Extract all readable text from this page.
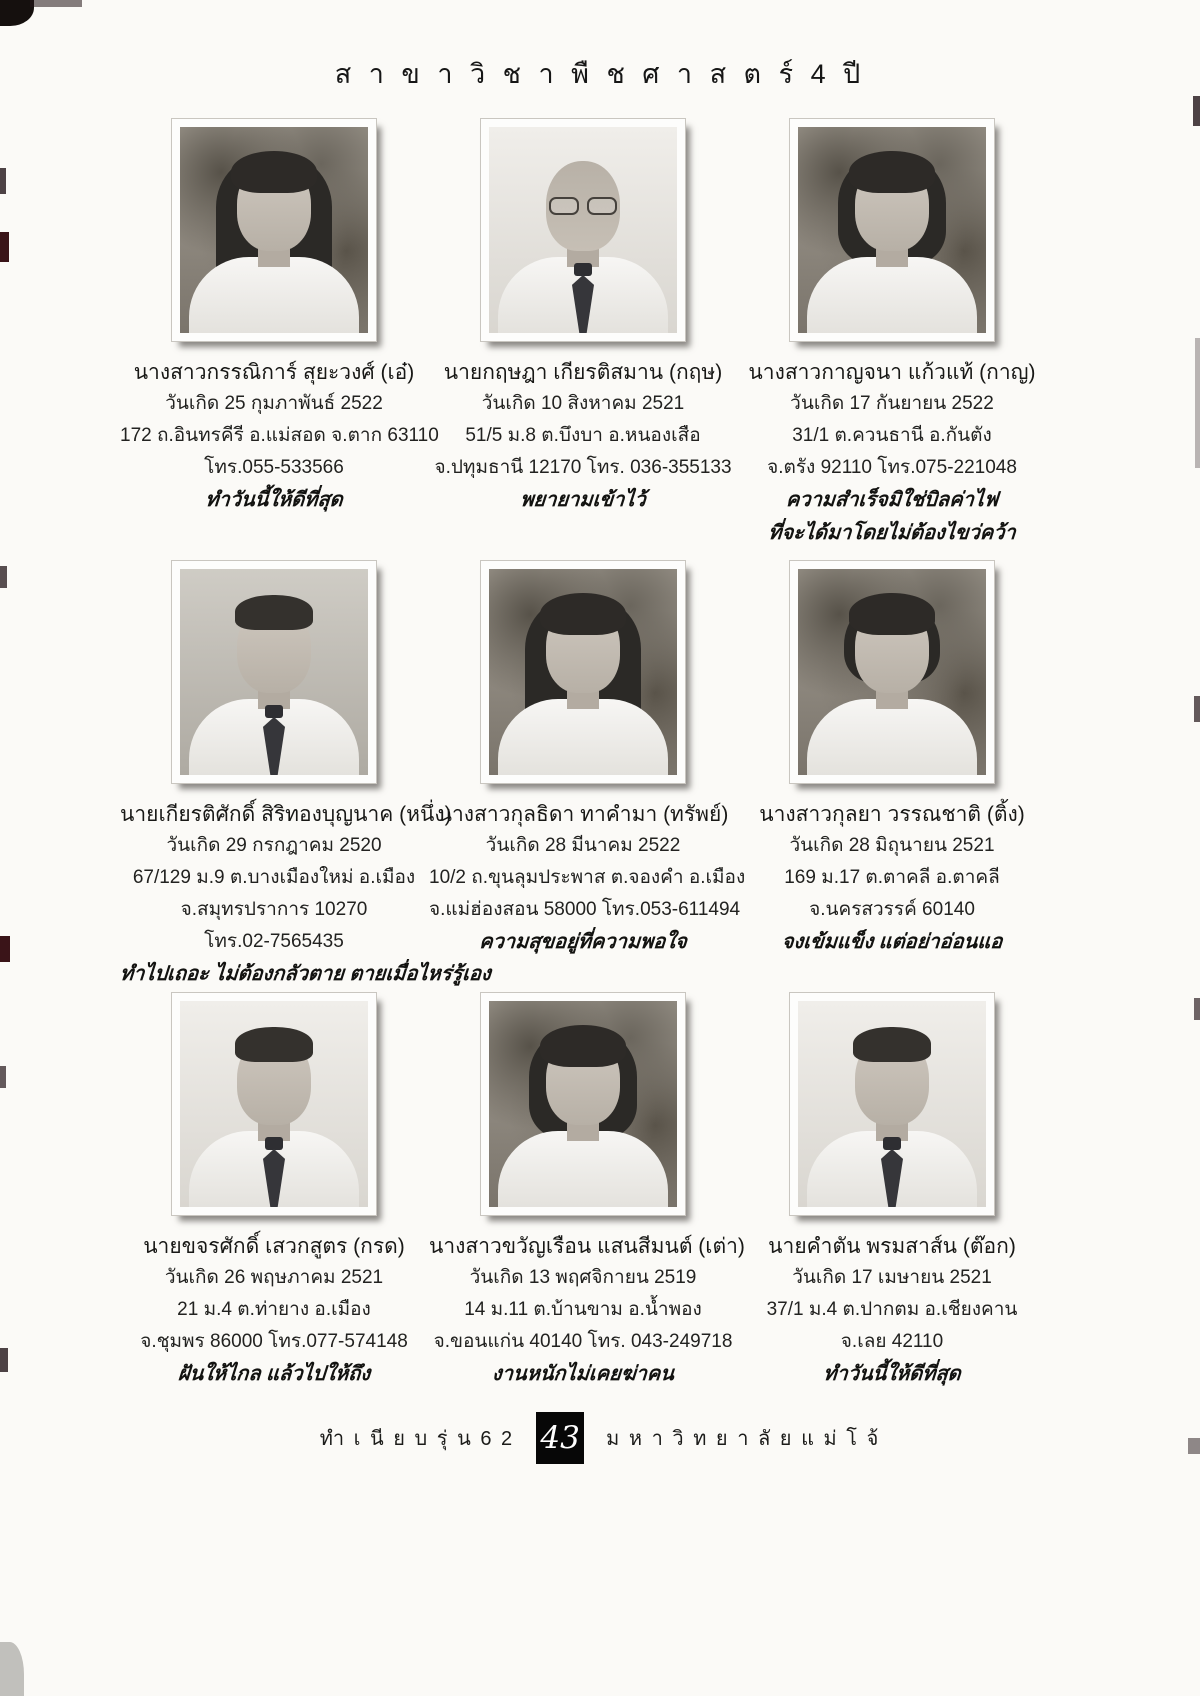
ส า ข า วิ ช า พื ช ศ า ส ต ร์ 4 ปี
นางสาวกรรณิการ์ สุยะวงศ์ (เอ๋)
วันเกิด 25 กุมภาพันธ์ 2522
172 ถ.อินทรคีรี อ.แม่สอด จ.ตาก 63110
โทร.055-533566
ทำวันนี้ให้ดีที่สุด
นายกฤษฎา เกียรติสมาน (กฤษ)
วันเกิด 10 สิงหาคม 2521
51/5 ม.8 ต.บึงบา อ.หนองเสือ
จ.ปทุมธานี 12170 โทร. 036-355133
พยายามเข้าไว้
นางสาวกาญจนา แก้วแท้ (กาญ)
วันเกิด 17 กันยายน 2522
31/1 ต.ควนธานี อ.กันตัง
จ.ตรัง 92110 โทร.075-221048
ความสำเร็จมิใช่บิลค่าไฟ
ที่จะได้มาโดยไม่ต้องไขว่คว้า
นายเกียรติศักดิ์ สิริทองบุญนาค (หนึ่ง)
วันเกิด 29 กรกฎาคม 2520
67/129 ม.9 ต.บางเมืองใหม่ อ.เมือง
จ.สมุทรปราการ 10270
โทร.02-7565435
ทำไปเถอะ ไม่ต้องกลัวตาย ตายเมื่อไหร่รู้เอง
นางสาวกุลธิดา ทาคำมา (ทรัพย์)
วันเกิด 28 มีนาคม 2522
10/2 ถ.ขุนลุมประพาส ต.จองคำ อ.เมือง
จ.แม่ฮ่องสอน 58000 โทร.053-611494
ความสุขอยู่ที่ความพอใจ
นางสาวกุลยา วรรณชาติ (ติ้ง)
วันเกิด 28 มิถุนายน 2521
169 ม.17 ต.ตาคลี อ.ตาคลี
จ.นครสวรรค์ 60140
จงเข้มแข็ง แต่อย่าอ่อนแอ
นายขจรศักดิ์ เสวกสูตร (กรด)
วันเกิด 26 พฤษภาคม 2521
21 ม.4 ต.ท่ายาง อ.เมือง
จ.ชุมพร 86000 โทร.077-574148
ฝันให้ไกล แล้วไปให้ถึง
นางสาวขวัญเรือน แสนสีมนต์ (เต่า)
วันเกิด 13 พฤศจิกายน 2519
14 ม.11 ต.บ้านขาม อ.น้ำพอง
จ.ขอนแก่น 40140 โทร. 043-249718
งานหนักไม่เคยฆ่าคน
นายคำตัน พรมสาส์น (ต๊อก)
วันเกิด 17 เมษายน 2521
37/1 ม.4 ต.ปากตม อ.เชียงคาน
จ.เลย 42110
ทำวันนี้ให้ดีที่สุด
ทำ เ นี ย บ รุ่ น 6 2 43 ม ห า วิ ท ย า ลั ย แ ม่ โ จ้
